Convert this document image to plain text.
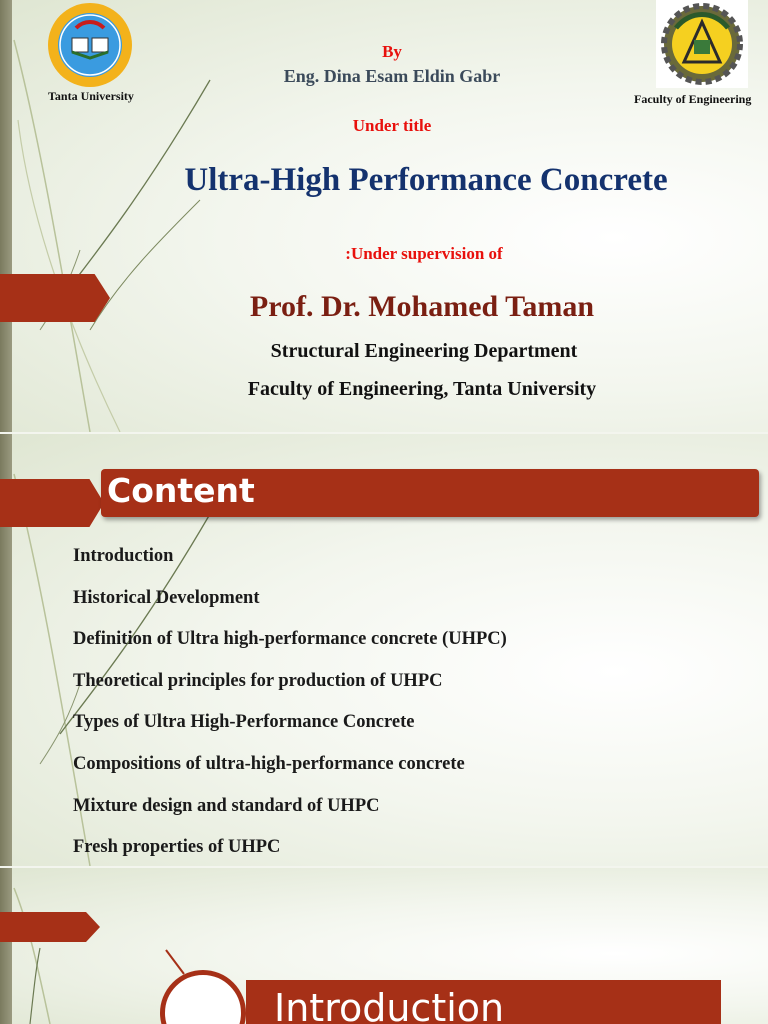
Tanta University	Faculty of Engineering
By
Eng. Dina Esam Eldin Gabr
Under title
Ultra-High Performance Concrete
:Under supervision of
Prof. Dr. Mohamed Taman
Structural Engineering Department
Faculty of Engineering, Tanta University
Content
Introduction
Historical Development
Definition of Ultra high-performance concrete (UHPC)
Theoretical principles for production of UHPC
Types of Ultra High-Performance Concrete
Compositions of ultra-high-performance concrete
Mixture design and standard of UHPC
Fresh properties of UHPC
Introduction
